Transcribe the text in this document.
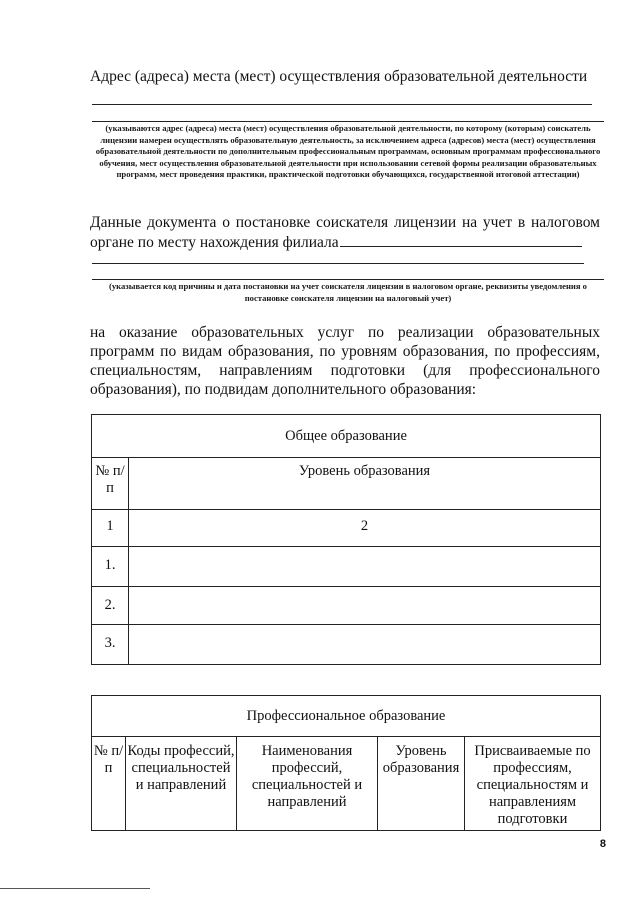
Адрес (адреса) места (мест) осуществления образовательной деятельности
(указываются адрес (адреса) места (мест) осуществления образовательной деятельности, по которому (которым) соискатель лицензии намерен осуществлять образовательную деятельность, за исключением адреса (адресов) места (мест) осуществления образовательной деятельности по дополнительным профессиональным программам, основным программам профессионального обучения, мест осуществления образовательной деятельности при использовании сетевой формы реализации образовательных программ, мест проведения практики, практической подготовки обучающихся, государственной итоговой аттестации)
Данные документа о постановке соискателя лицензии на учет в налоговом органе по месту нахождения филиала
(указывается код причины и дата постановки на учет соискателя лицензии в налоговом органе, реквизиты уведомления о постановке соискателя лицензии на налоговый учет)
на оказание образовательных услуг по реализации образовательных программ по видам образования, по уровням образования, по профессиям, специальностям, направлениям подготовки (для профессионального образования), по подвидам дополнительного образования:
Общее образование	
№ п/п	Уровень образования
1	2
1.	
2.	
3.	
Профессиональное образование
№ п/п	Коды профессий, специальностей и направлений	Наименования профессий, специальностей и направлений	Уровень образования	Присваиваемые по профессиям, специальностям и направлениям подготовки
8
